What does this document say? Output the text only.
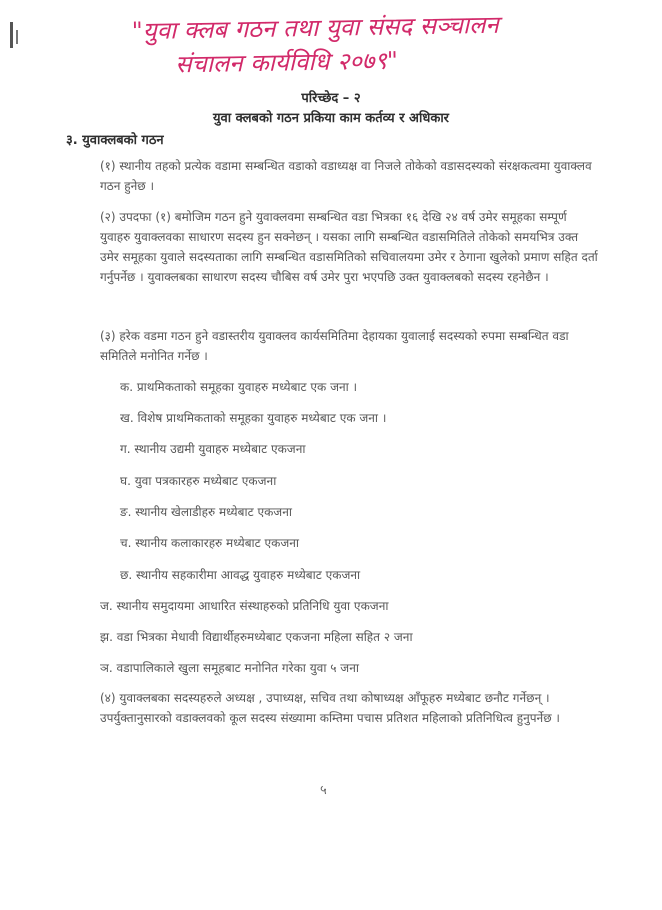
"युवा क्लब गठन तथा युवा संसद सञ्चालन
संचालन कार्यविधि २०७९"
परिच्छेद – २
युवा क्लबको गठन प्रकिया काम कर्तव्य र अधिकार
३. युवाक्लबको गठन

(१) स्थानीय तहको प्रत्येक वडामा सम्बन्धित वडाको वडाध्यक्ष वा निजले तोकेको वडासदस्यको संरक्षकत्वमा युवाक्लव गठन हुनेछ ।

(२) उपदफा (१) बमोजिम गठन हुने युवाक्लवमा सम्बन्धित वडा भित्रका १६ देखि २४ वर्ष उमेर समूहका सम्पूर्ण युवाहरु युवाक्लवका साधारण सदस्य हुन सक्नेछन् । यसका लागि सम्बन्धित वडासमितिले तोकेको समयभित्र उक्त उमेर समूहका युवाले सदस्यताका लागि सम्बन्धित वडासमितिको सचिवालयमा उमेर र ठेगाना खुलेको प्रमाण सहित दर्ता गर्नुपर्नेछ । युवाक्लबका साधारण सदस्य चौबिस वर्ष उमेर पुरा भएपछि उक्त युवाक्लबको सदस्य रहनेछैन ।

(३) हरेक वडमा गठन हुने वडास्तरीय युवाक्लव कार्यसमितिमा देहायका युवालाई सदस्यको रुपमा सम्बन्धित वडा समितिले मनोनित गर्नेछ ।

क. प्राथमिकताको समूहका युवाहरु मध्येबाट एक जना ।
ख. विशेष प्राथमिकताको समूहका युवाहरु मध्येबाट एक जना ।
ग. स्थानीय उद्यमी युवाहरु मध्येबाट एकजना
घ. युवा पत्रकारहरु मध्येबाट एकजना
ङ. स्थानीय खेलाडीहरु मध्येबाट एकजना
च. स्थानीय कलाकारहरु मध्येबाट एकजना
छ. स्थानीय सहकारीमा आवद्ध युवाहरु मध्येबाट एकजना
ज. स्थानीय समुदायमा आधारित संस्थाहरुको प्रतिनिधि युवा एकजना
झ. वडा भित्रका मेधावी विद्यार्थीहरुमध्येबाट एकजना महिला सहित २ जना
ञ. वडापालिकाले खुला समूहबाट मनोनित गरेका युवा ५ जना

(४) युवाक्लबका सदस्यहरुले अध्यक्ष , उपाध्यक्ष, सचिव तथा कोषाध्यक्ष आँफूहरु मध्येबाट छनौट गर्नेछन् । उपर्युक्तानुसारको वडाक्लवको कूल सदस्य संख्यामा कम्तिमा पचास प्रतिशत महिलाको प्रतिनिधित्व हुनुपर्नेछ ।

५
